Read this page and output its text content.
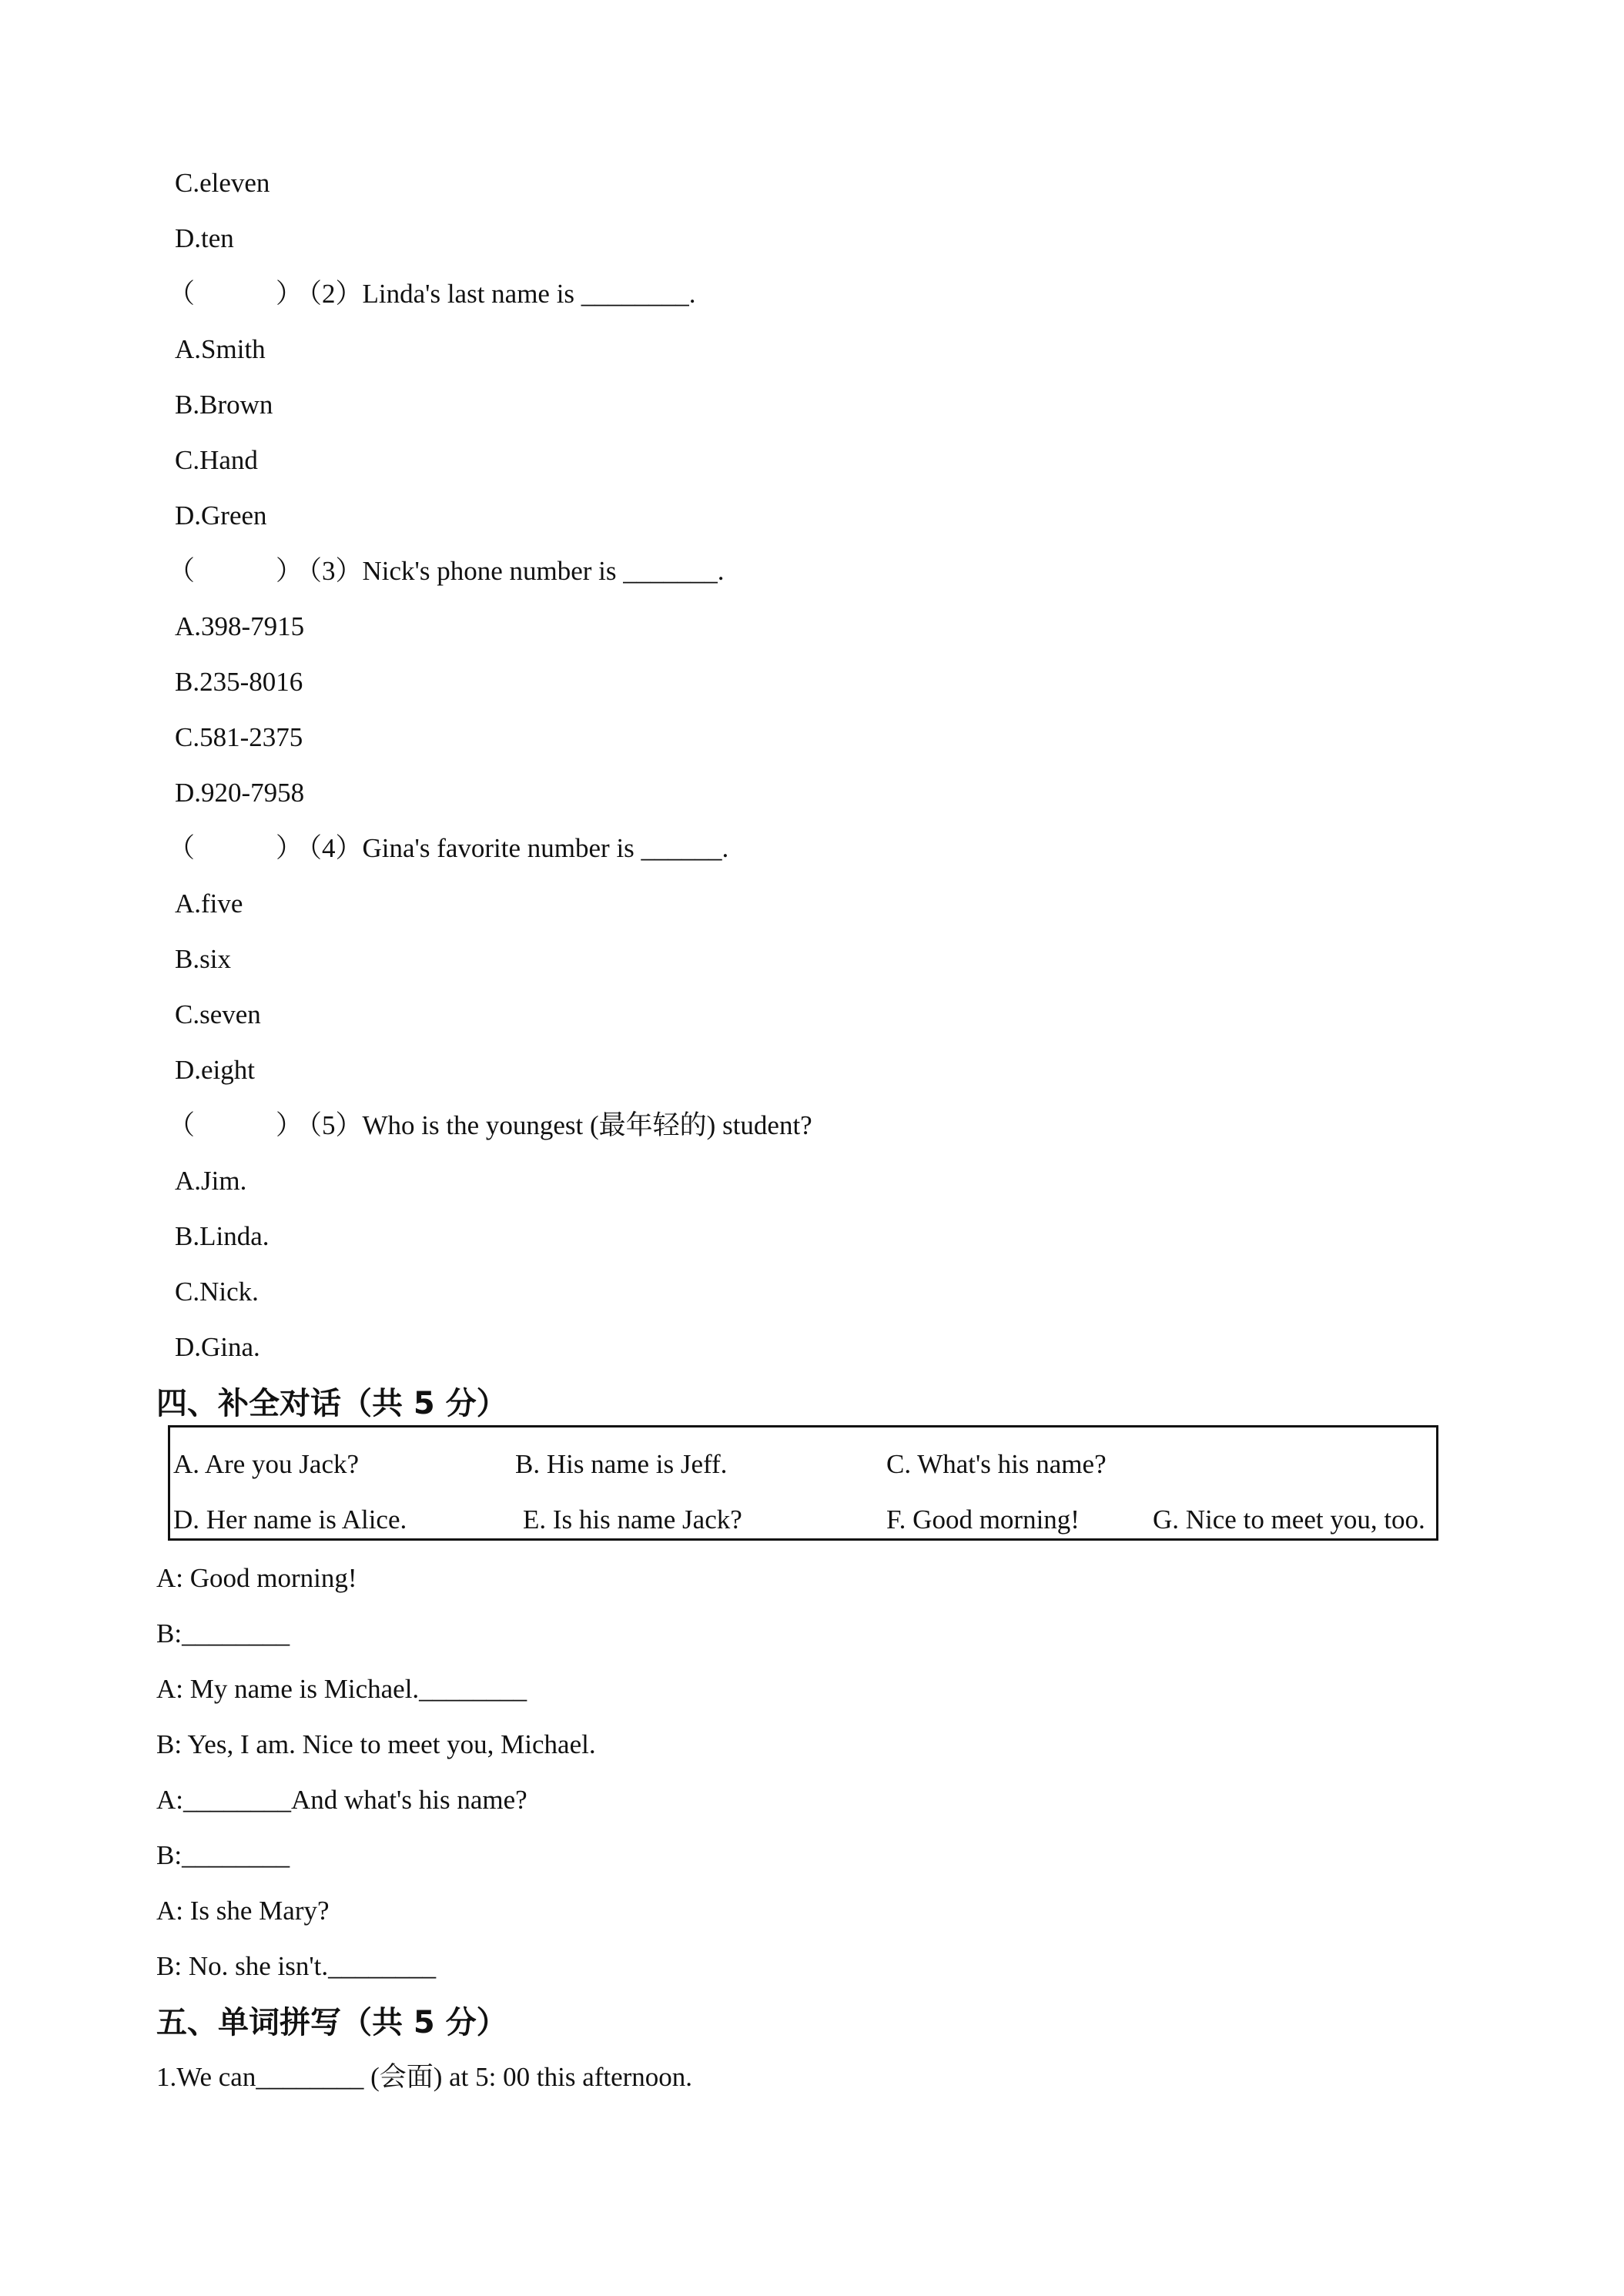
C.eleven
D.ten
（　　　）（2）Linda's last name is ________.
A.Smith
B.Brown
C.Hand
D.Green
（　　　）（3）Nick's phone number is _______.
A.398-7915
B.235-8016
C.581-2375
D.920-7958
（　　　）（4）Gina's favorite number is ______.
A.five
B.six
C.seven
D.eight
（　　　）（5）Who is the youngest (最年轻的) student?
A.Jim.
B.Linda.
C.Nick.
D.Gina.
四、补全对话（共 5 分）
A. Are you Jack?	B. His name is Jeff.	C. What's his name?
D. Her name is Alice.	E. Is his name Jack?	F. Good morning!	G. Nice to meet you, too.
A: Good morning!
B:________
A: My name is Michael.________
B: Yes, I am. Nice to meet you, Michael.
A:________And what's his name?
B:________
A: Is she Mary?
B: No. she isn't.________
五、单词拼写（共 5 分）
1.We can________ (会面) at 5: 00 this afternoon.
